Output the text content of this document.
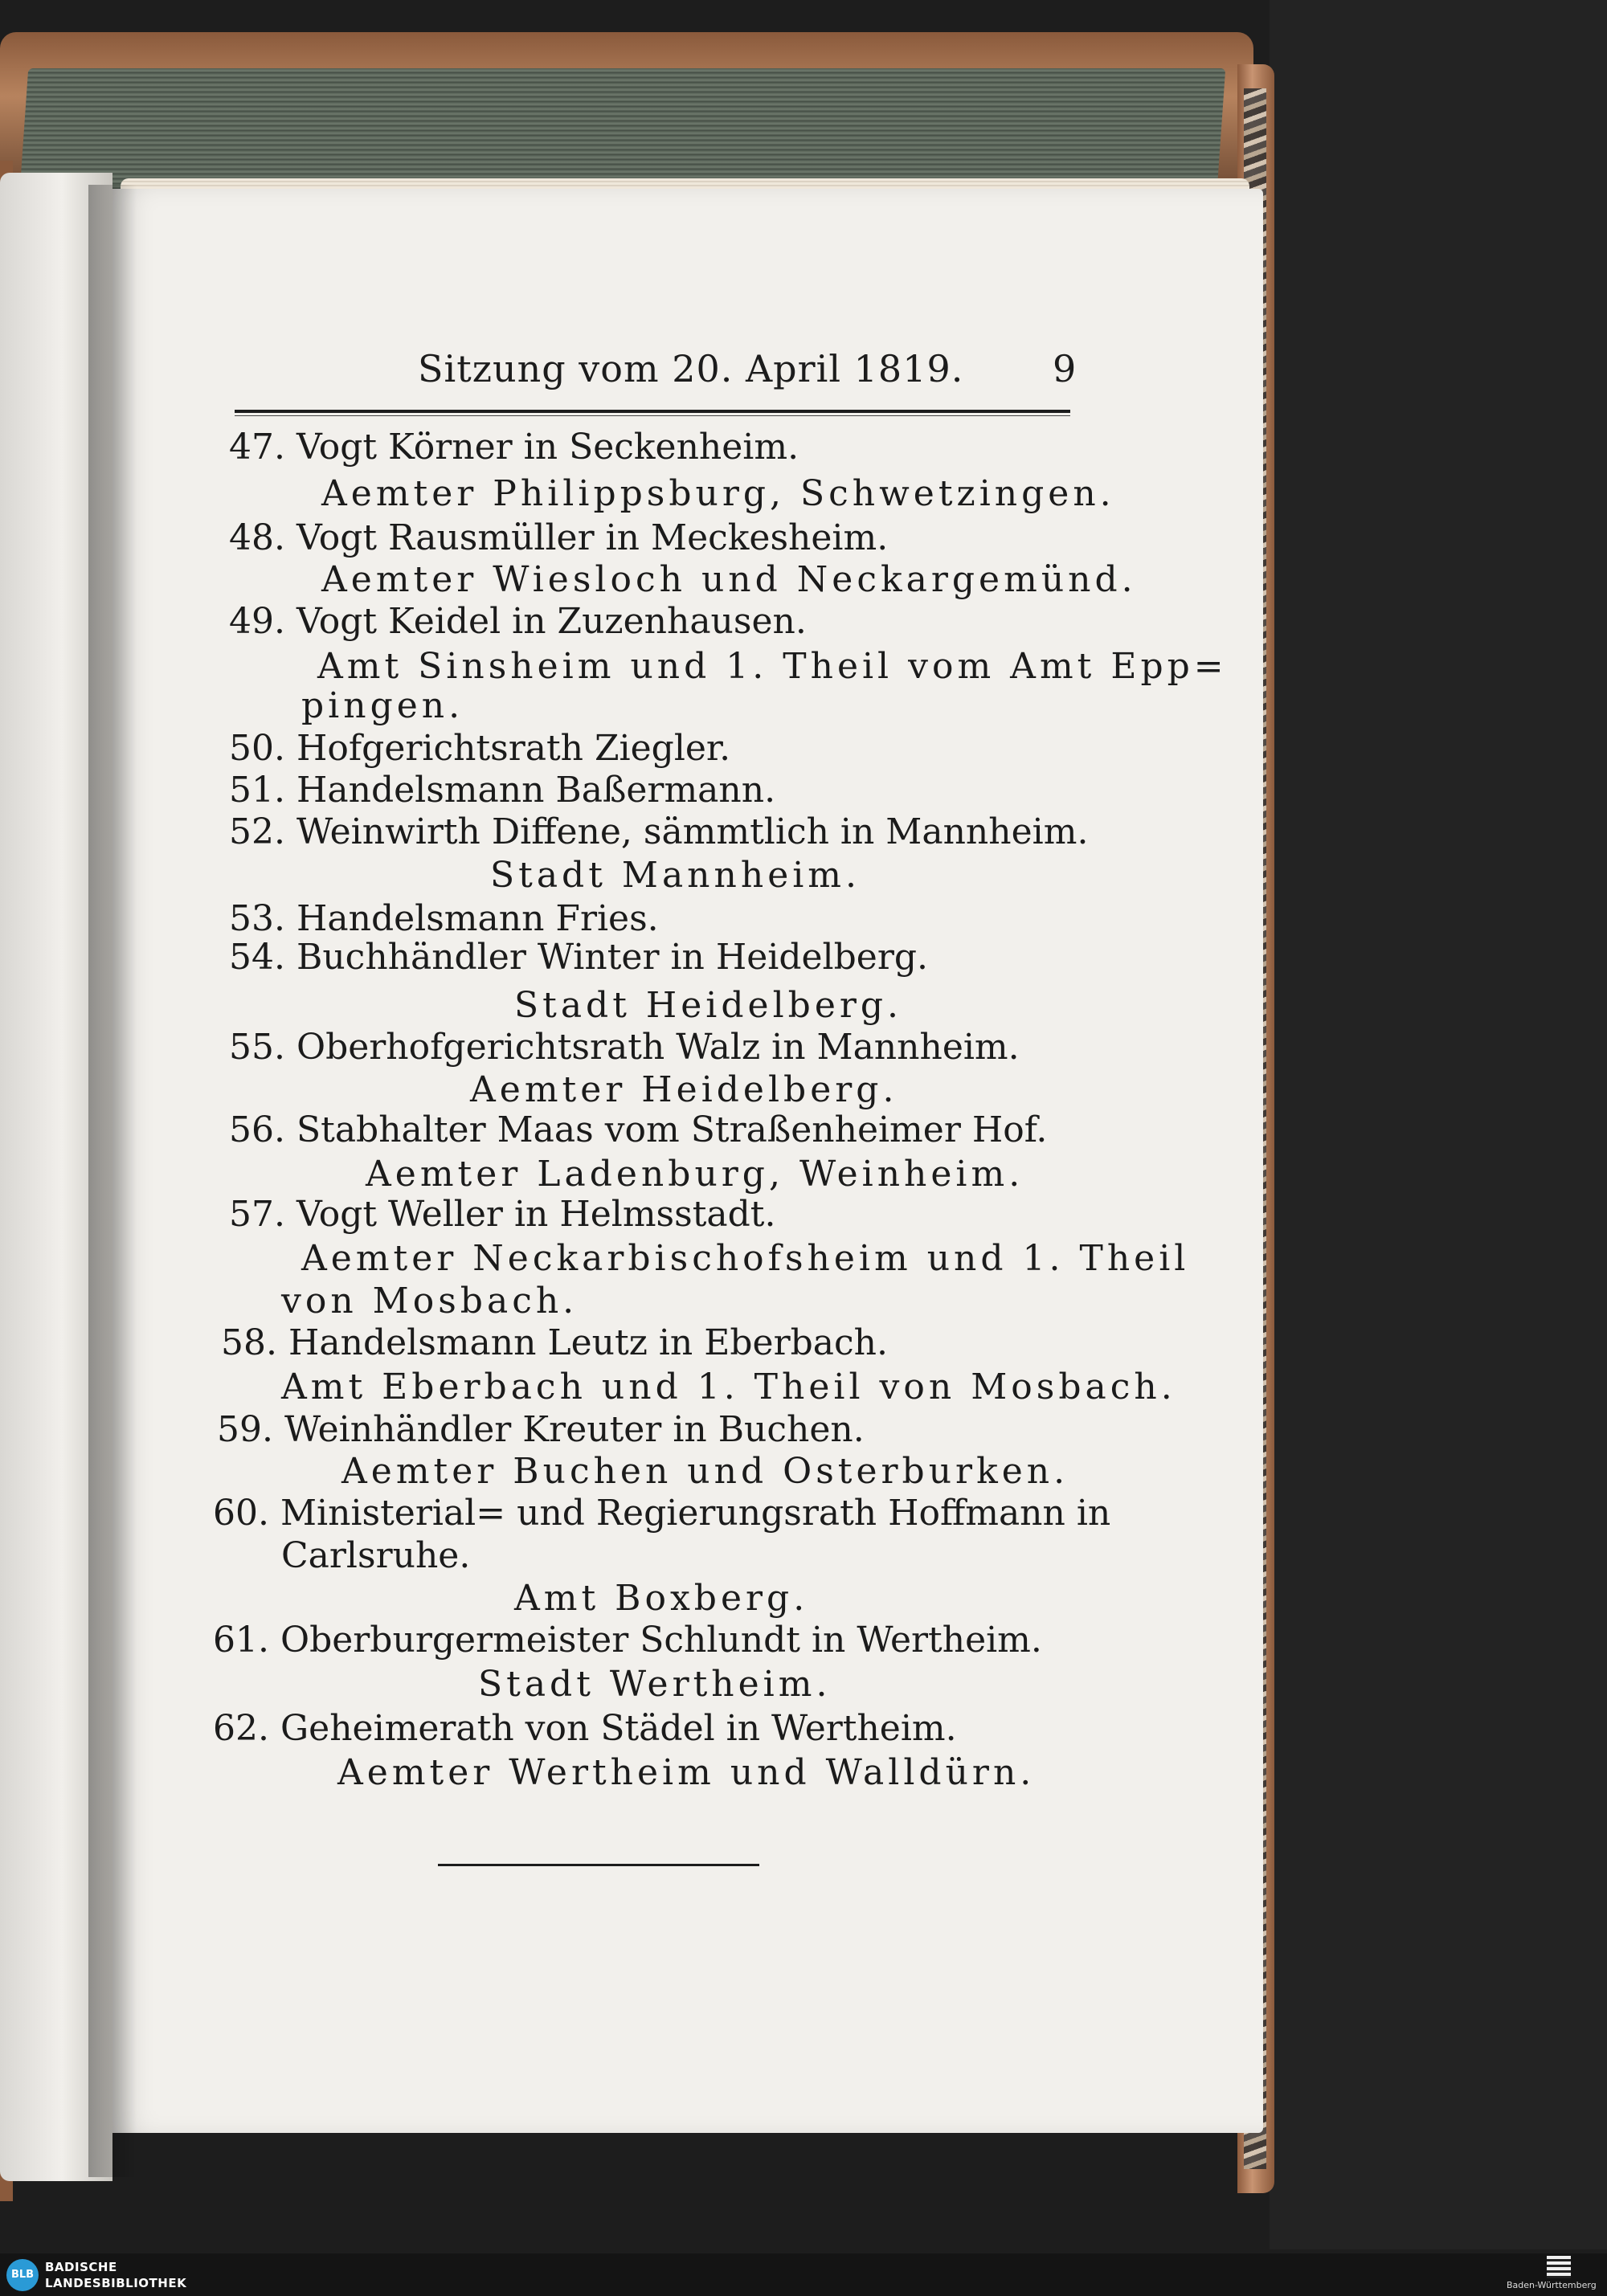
Sitzung vom 20. April 1819. 9
47. Vogt Körner in Seckenheim.
Aemter Philippsburg, Schwetzingen.
48. Vogt Rausmüller in Meckesheim.
Aemter Wiesloch und Neckargemünd.
49. Vogt Keidel in Zuzenhausen.
Amt Sinsheim und 1. Theil vom Amt Epp=
pingen.
50. Hofgerichtsrath Ziegler.
51. Handelsmann Baßermann.
52. Weinwirth Diffene, sämmtlich in Mannheim.
Stadt Mannheim.
53. Handelsmann Fries.
54. Buchhändler Winter in Heidelberg.
Stadt Heidelberg.
55. Oberhofgerichtsrath Walz in Mannheim.
Aemter Heidelberg.
56. Stabhalter Maas vom Straßenheimer Hof.
Aemter Ladenburg, Weinheim.
57. Vogt Weller in Helmsstadt.
Aemter Neckarbischofsheim und 1. Theil
von Mosbach.
58. Handelsmann Leutz in Eberbach.
Amt Eberbach und 1. Theil von Mosbach.
59. Weinhändler Kreuter in Buchen.
Aemter Buchen und Osterburken.
60. Ministerial= und Regierungsrath Hoffmann in
Carlsruhe.
Amt Boxberg.
61. Oberburgermeister Schlundt in Wertheim.
Stadt Wertheim.
62. Geheimerath von Städel in Wertheim.
Aemter Wertheim und Walldürn.
BLB
BADISCHE
LANDESBIBLIOTHEK	Baden-Württemberg
